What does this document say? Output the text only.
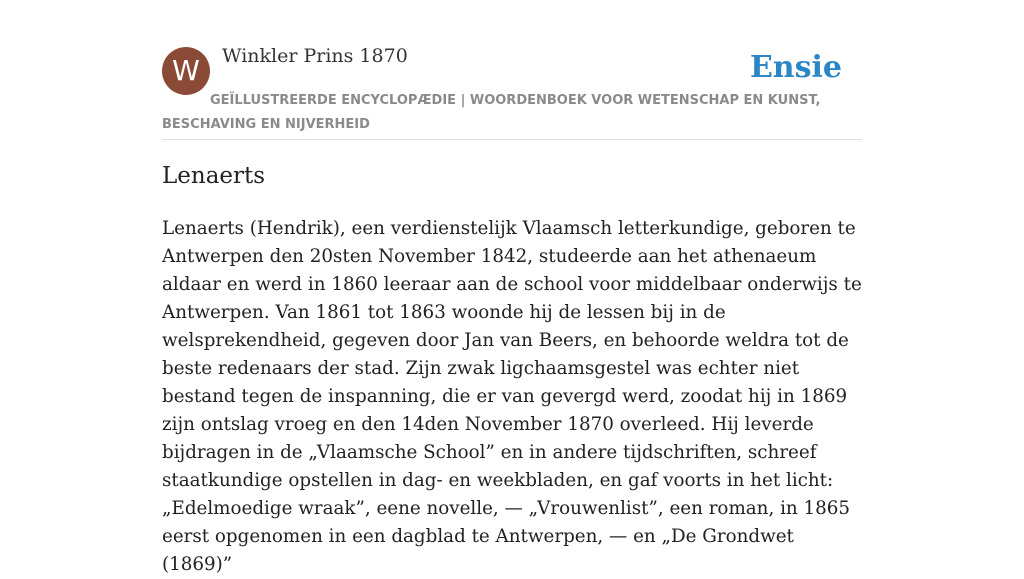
W	Winkler Prins 1870	Ensie
GEÏLLUSTREERDE ENCYCLOPÆDIE | WOORDENBOEK VOOR WETENSCHAP EN KUNST, BESCHAVING EN NIJVERHEID
Lenaerts

Lenaerts (Hendrik), een verdienstelijk Vlaamsch letterkundige, geboren te Antwerpen den 20sten November 1842, studeerde aan het athenaeum aldaar en werd in 1860 leeraar aan de school voor middelbaar onderwijs te Antwerpen. Van 1861 tot 1863 woonde hij de lessen bij in de welsprekendheid, gegeven door Jan van Beers, en behoorde weldra tot de beste redenaars der stad. Zijn zwak ligchaamsgestel was echter niet bestand tegen de inspanning, die er van gevergd werd, zoodat hij in 1869 zijn ontslag vroeg en den 14den November 1870 overleed. Hij leverde bijdragen in de „Vlaamsche School” en in andere tijdschriften, schreef staatkundige opstellen in dag- en weekbladen, en gaf voorts in het licht: „Edelmoedige wraak”, eene novelle, — „Vrouwenlist”, een roman, in 1865 eerst opgenomen in een dagblad te Antwerpen, — en „De Grondwet (1869)”
